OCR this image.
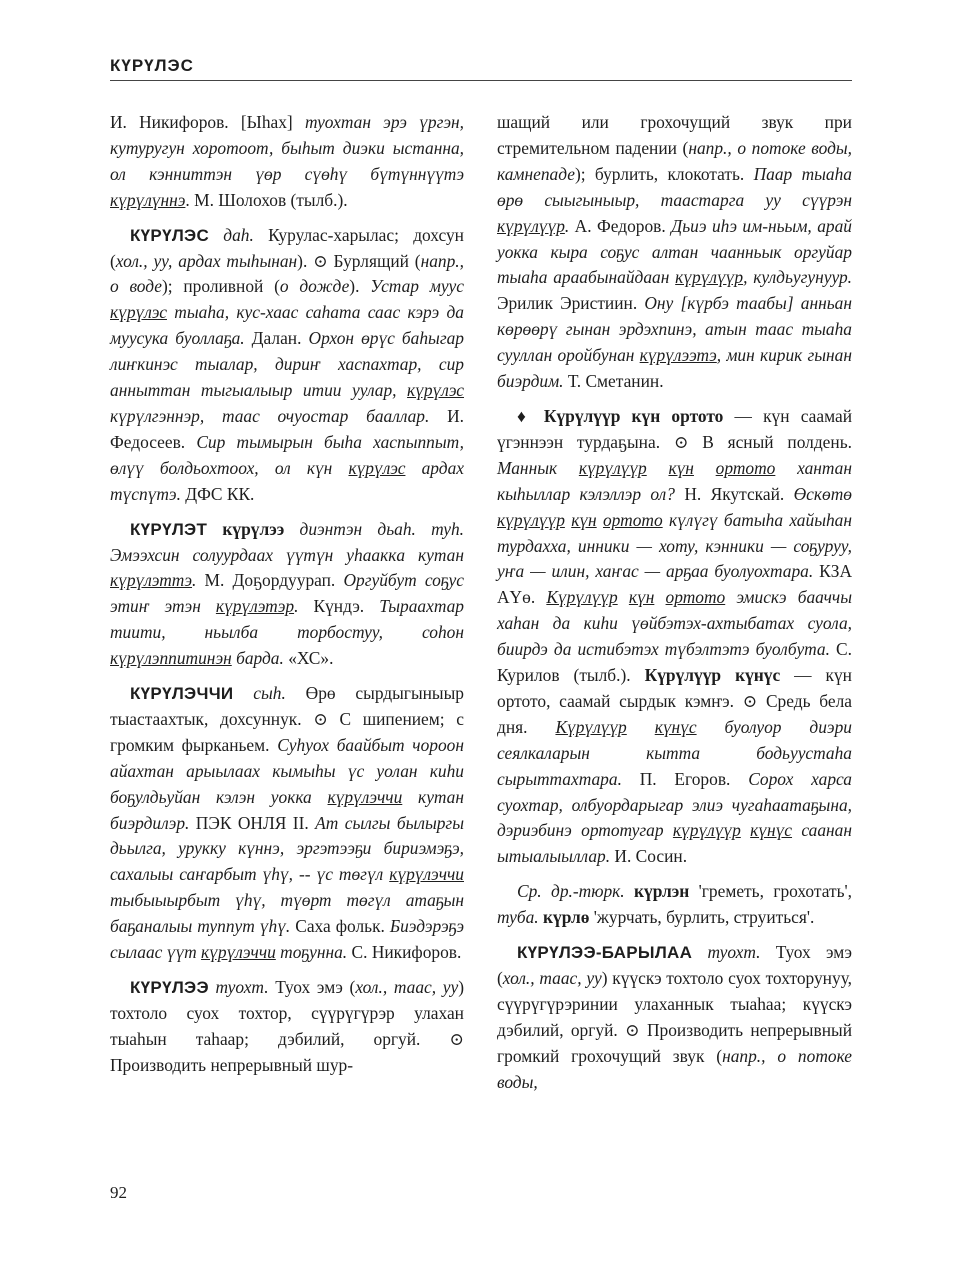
КҮРҮЛЭС

И. Никифоров. [Ыhах] туохтан эрэ үргэн, кутуругун хоротоот, быhыт диэки ыстанна, ол кэнниттэн үөр сүөhү бүтүннүүтэ күрүлүннэ. М. Шолохов (тылб.).

КҮРҮЛЭС даh. Курулас-харылас; дохсун (хол., уу, ардах тыhынан). ⊙ Бурлящий (напр., о воде); проливной (о дожде). Устар муус күрүлэс тыаhа, кус-хаас саhата саас кэрэ да муусука буоллаҕа. Далан. Орхон өрүс баhыгар лиҥкинэс тыалар, дириҥ хаспахтар, сир анныттан тыгыалыыр итии уулар, күрүлэс күрүлгэннэр, таас очуостар бааллар. И. Федосеев. Сир тымырын быhа хаспыппыт, өлүү болдьохтоох, ол күн күрүлэс ардах түспүтэ. ДФС КК.

КҮРҮЛЭТ күрүлээ диэнтэн дьаh. туh. Эмээхсин солуурдаах үүтүн уhааккa кутан күрүлэттэ. М. Доҕордуурап. Оргуйбут соҕус этиҥ этэн күрүлэтэр. Күндэ. Тыраахтар тиити, ньылба торбостуу, соhон күрүлэппитинэн барда. «ХС».

КҮРҮЛЭЧЧИ сыh. Өрө сырдыгыныыр тыастаахтык, дохсуннук. ⊙ С шипением; с громким фырканьем. Суhуох баайбыт чороон айахтан арыылаах кымыhы үс уолан киhи боҕулдьуйан кэлэн уокка күрүлэччи кутан биэрдилэр. ПЭК ОНЛЯ II. Ат сылгы былыргы дьылга, урукку күннэ, эргэтээҕи бириэмэҕэ, сахалыы саҥарбыт үhү, -- үс төгүл күрүлэччи тыбыыырбыт үhү, түөрт төгүл атаҕын баҕаналыы туппут үhү. Саха фольк. Биэдэрэҕэ сылаас үүт күрүлэччи тоҕунна. С. Никифоров.

КҮРҮЛЭЭ туохт. Туох эмэ (хол., таас, уу) тохтоло суох тохтор, сүүрүгүрэр улахан тыаhын таhаар; дэбилий, оргуй. ⊙ Производить непрерывный шур-

шащий или грохочущий звук при стремительном падении (напр., о потоке воды, камнепаде); бурлить, клокотать. Паар тыаhа өрө сыыгыныыр, таастарга уу сүүрэн күрүлүүр. А. Федоров. Дьиэ иhэ им-ньым, арай уокка кыра соҕус алтан чаанньык оргуйар тыаhа араабынайдаан күрүлүүр, кулдьугунуур. Эрилик Эристиин. Ону [күрбэ таабы] анньан көрөөрү гынан эрдэхпинэ, атын таас тыаhа сууллан оройбунан күрүлээтэ, мин кирик гынан биэрдим. Т. Сметанин.

♦ Күрүлүүр күн ортото — күн саамай үгэннээн турдаҕына. ⊙ В ясный полдень. Маннык күрүлүүр күн ортото хантан кыhыллар кэлэллэр ол? Н. Якутскай. Өскөтө күрүлүүр күн ортото күлүгү батыhа хайыhан турдахха, инники — хоту, кэнники — соҕуруу, уҥа — илин, хаҥас — арҕаа буолуохтара. КЗА АҮө. Күрүлүүр күн ортото эмискэ бааччы хаhан да киhи үөйбэтэх-ахтыбатах суола, биирдэ да истибэтэх түбэлтэтэ буолбута. С. Курилов (тылб.). Күрүлүүр күнүс — күн ортото, саамай сырдык кэмҥэ. ⊙ Средь бела дня. Күрүлүүр күнүс буолуор диэри сеялкаларын кытта бодьуустаhа сырыттахтара. П. Егоров. Сорох харса суохтар, олбуордарыгар элиэ чугаhаатаҕына, дэриэбинэ ортотугар күрүлүүр күнүс саанан ытыалыыллар. И. Сосин.

Ср. др.-тюрк. күрлэн 'греметь, грохотать', туба. күрлө 'журчать, бурлить, струиться'.

КҮРҮЛЭЭ-БАРЫЛАА туохт. Туох эмэ (хол., таас, уу) күүскэ тохтоло суох тохторунуу, сүүрүгүрэринии улаханнык тыаhаа; күүскэ дэбилий, оргуй. ⊙ Производить непрерывный громкий грохочущий звук (напр., о потоке воды,

92
